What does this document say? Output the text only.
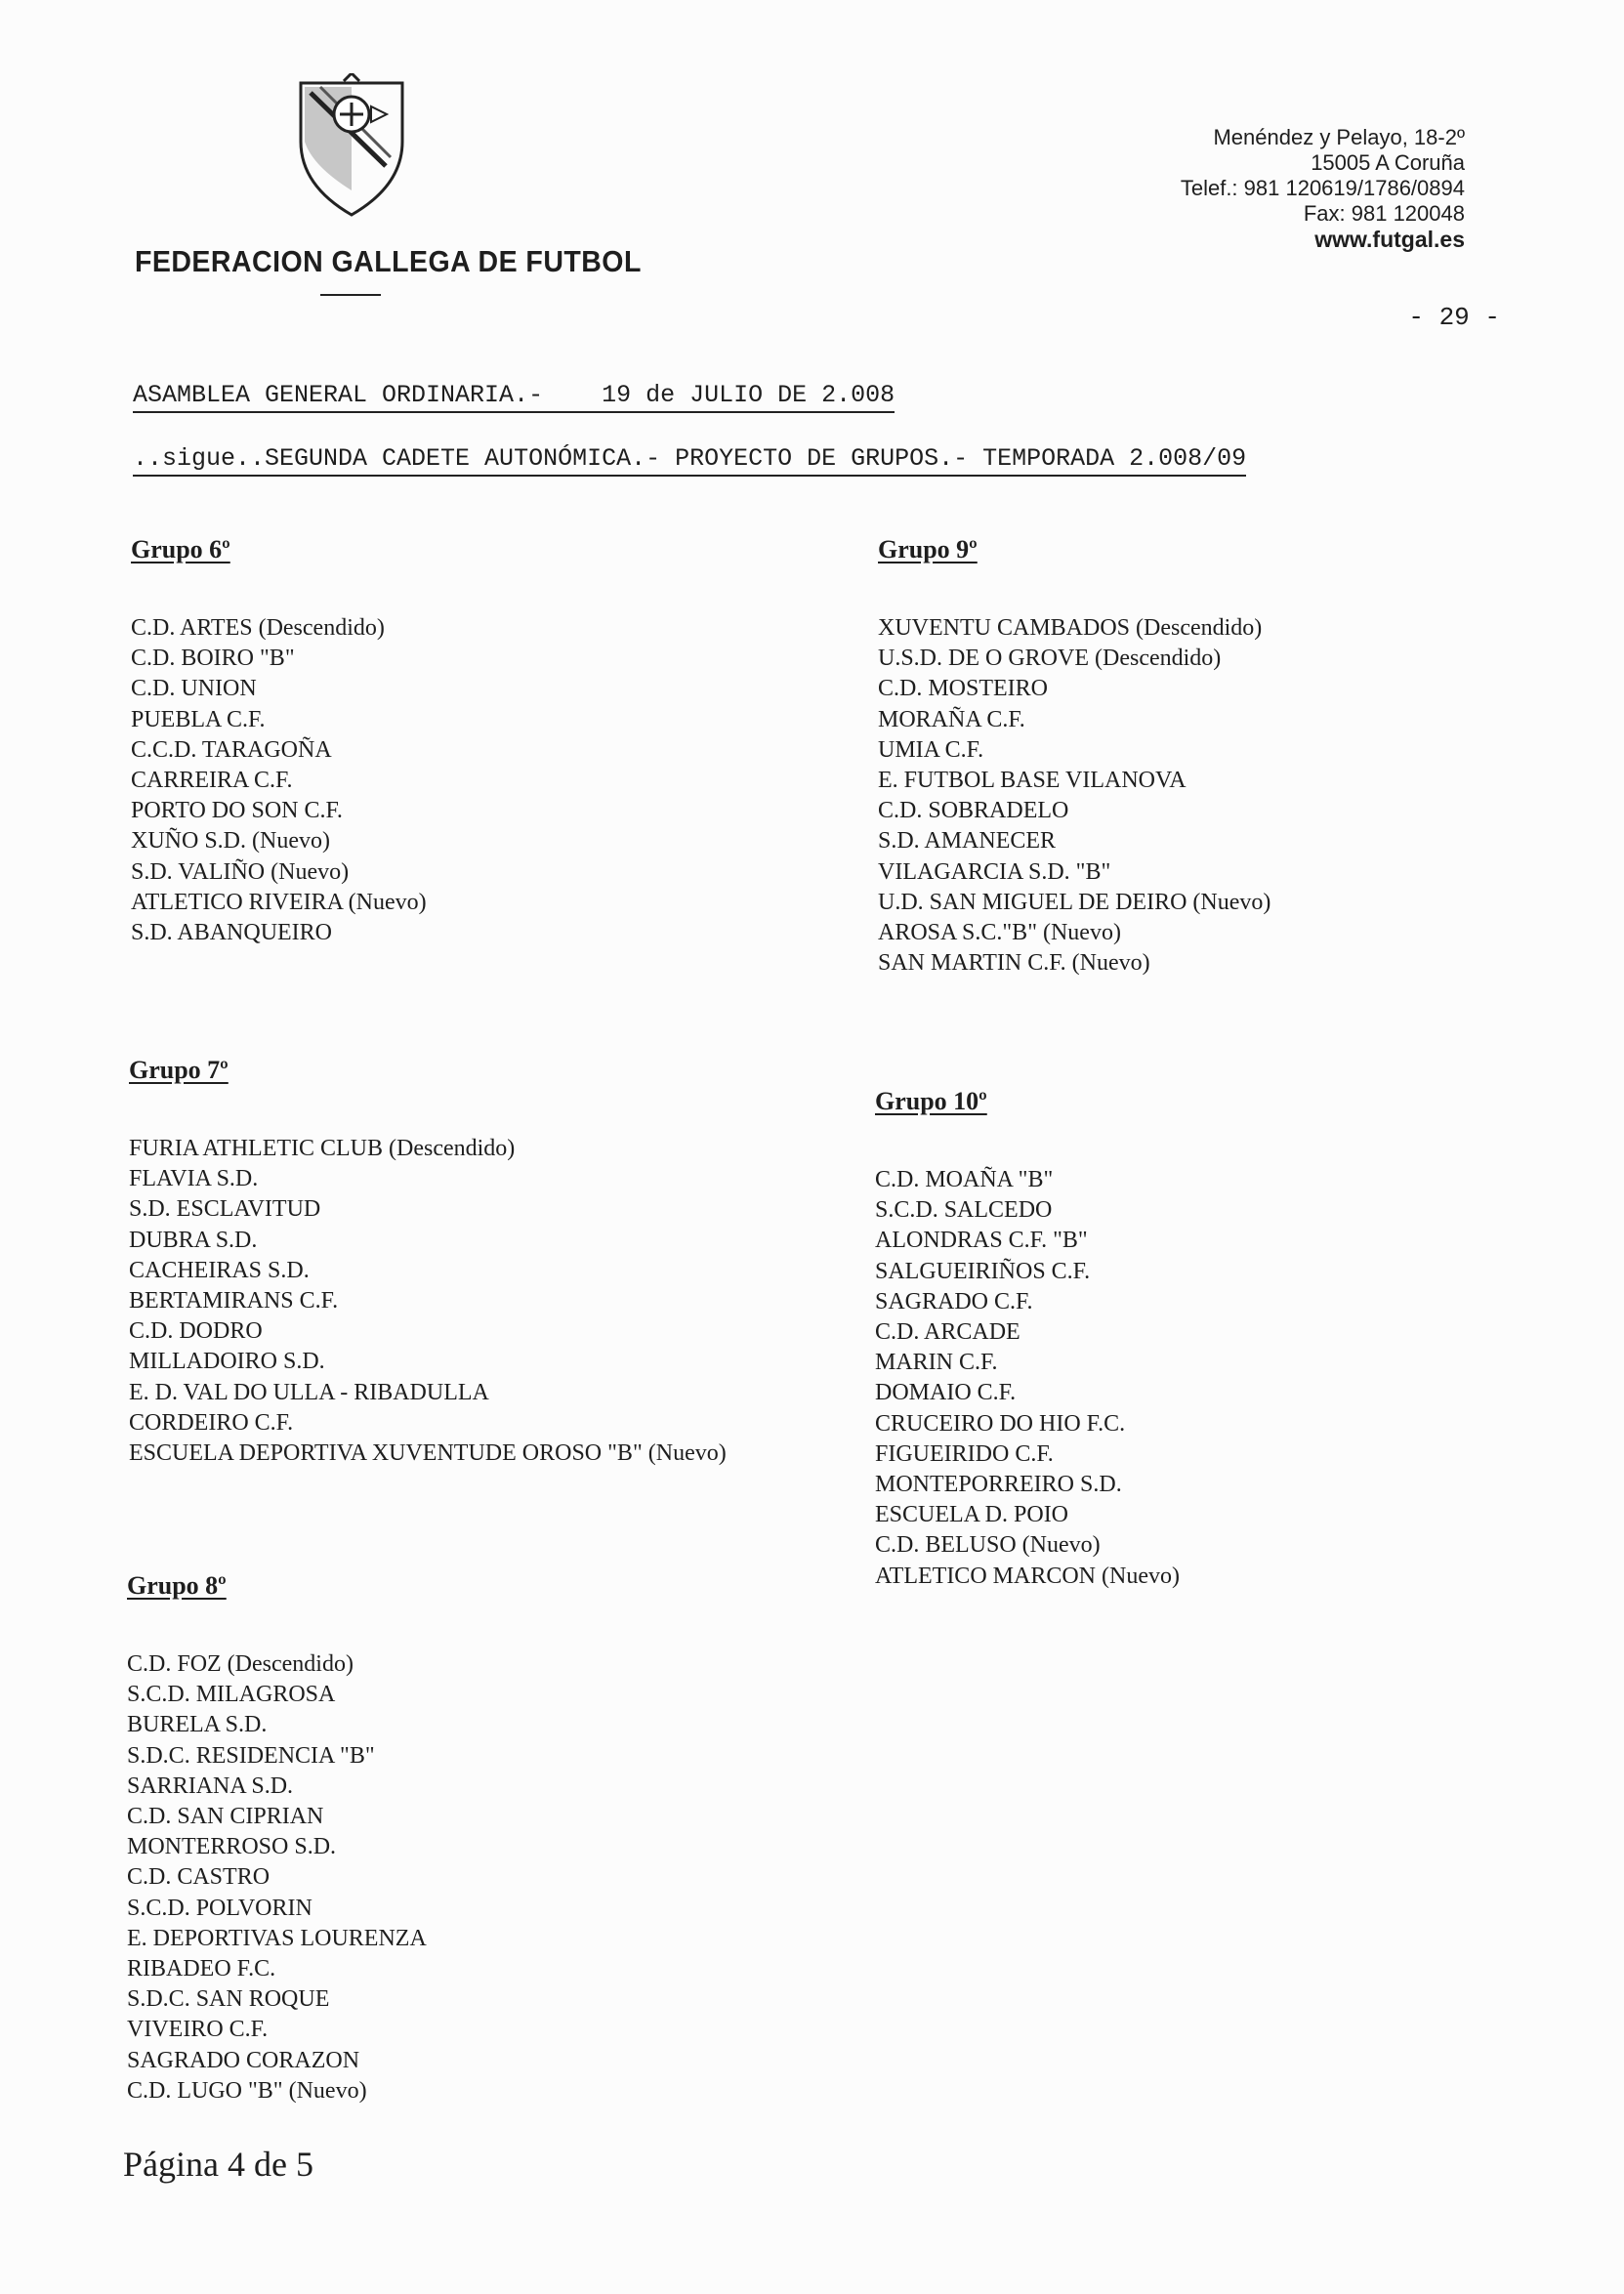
FEDERACION GALLEGA DE FUTBOL
Menéndez y Pelayo, 18-2º
15005 A Coruña
Telef.: 981 120619/1786/0894
Fax: 981 120048
www.futgal.es
- 29 -
ASAMBLEA GENERAL ORDINARIA.-    19 de JULIO DE 2.008
..sigue..SEGUNDA CADETE AUTONÓMICA.- PROYECTO DE GRUPOS.- TEMPORADA 2.008/09
Grupo 6º
C.D. ARTES (Descendido)
C.D. BOIRO "B"
C.D. UNION
PUEBLA C.F.
C.C.D. TARAGOÑA
CARREIRA C.F.
PORTO DO SON C.F.
XUÑO S.D. (Nuevo)
S.D. VALIÑO (Nuevo)
ATLETICO RIVEIRA (Nuevo)
S.D. ABANQUEIRO
Grupo 7º
FURIA ATHLETIC CLUB (Descendido)
FLAVIA S.D.
S.D. ESCLAVITUD
DUBRA S.D.
CACHEIRAS S.D.
BERTAMIRANS C.F.
C.D. DODRO
MILLADOIRO S.D.
E. D. VAL DO ULLA - RIBADULLA
CORDEIRO C.F.
ESCUELA DEPORTIVA XUVENTUDE OROSO "B" (Nuevo)
Grupo 8º
C.D. FOZ (Descendido)
S.C.D. MILAGROSA
BURELA S.D.
S.D.C. RESIDENCIA "B"
SARRIANA S.D.
C.D. SAN CIPRIAN
MONTERROSO S.D.
C.D. CASTRO
S.C.D. POLVORIN
E. DEPORTIVAS LOURENZA
RIBADEO F.C.
S.D.C. SAN ROQUE
VIVEIRO C.F.
SAGRADO CORAZON
C.D. LUGO "B" (Nuevo)
Grupo 9º
XUVENTU CAMBADOS (Descendido)
U.S.D. DE O GROVE (Descendido)
C.D. MOSTEIRO
MORAÑA C.F.
UMIA C.F.
E. FUTBOL BASE VILANOVA
C.D. SOBRADELO
S.D. AMANECER
VILAGARCIA S.D. "B"
U.D. SAN MIGUEL DE DEIRO (Nuevo)
AROSA S.C."B" (Nuevo)
SAN MARTIN C.F. (Nuevo)
Grupo 10º
C.D. MOAÑA "B"
S.C.D. SALCEDO
ALONDRAS C.F. "B"
SALGUEIRIÑOS C.F.
SAGRADO C.F.
C.D. ARCADE
MARIN C.F.
DOMAIO C.F.
CRUCEIRO DO HIO F.C.
FIGUEIRIDO C.F.
MONTEPORREIRO S.D.
ESCUELA D. POIO
C.D. BELUSO (Nuevo)
ATLETICO MARCON (Nuevo)
Página 4 de 5
